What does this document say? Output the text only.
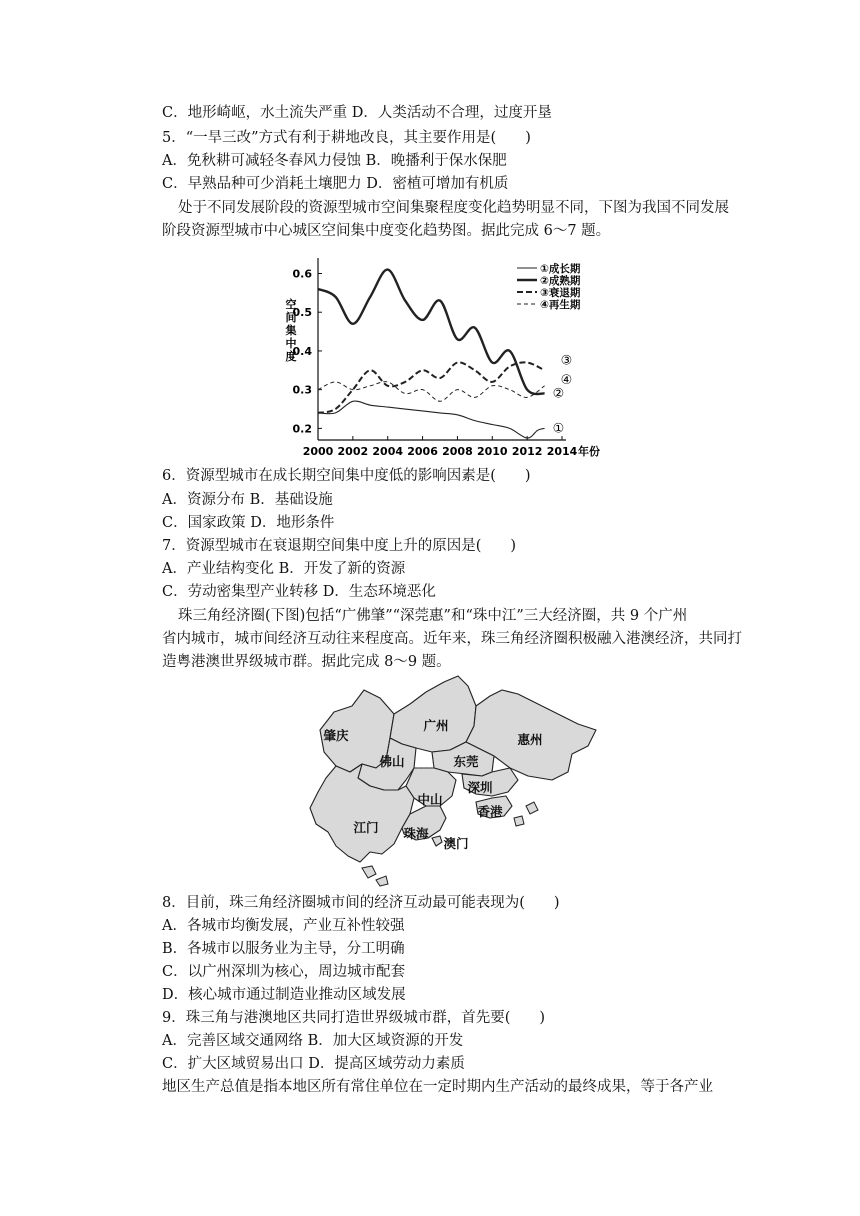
C．地形崎岖，水土流失严重 D．人类活动不合理，过度开垦
5．“一旱三改”方式有利于耕地改良，其主要作用是(　　)
A．免秋耕可减轻冬春风力侵蚀 B．晚播利于保水保肥
C．早熟品种可少消耗土壤肥力 D．密植可增加有机质
处于不同发展阶段的资源型城市空间集聚程度变化趋势明显不同，下图为我国不同发展
阶段资源型城市中心城区空间集中度变化趋势图。据此完成 6～7 题。
0.2
0.3
0.4
0.5
0.6
2000 2002 2004 2006 2008 2010 2012 2014 年份
空间集中度
①
②
③
④
①成长期
②成熟期
③衰退期
④再生期
6．资源型城市在成长期空间集中度低的影响因素是(　　)
A．资源分布 B．基础设施
C．国家政策 D．地形条件
7．资源型城市在衰退期空间集中度上升的原因是(　　)
A．产业结构变化 B．开发了新的资源
C．劳动密集型产业转移 D．生态环境恶化
珠三角经济圈(下图)包括“广佛肇”“深莞惠”和“珠中江”三大经济圈，共 9 个广州
省内城市，城市间经济互动往来程度高。近年来，珠三角经济圈积极融入港澳经济，共同打
造粤港澳世界级城市群。据此完成 8～9 题。
肇庆
广州
惠州
佛山	东莞
深圳
香港
中山
江门 珠海
澳门
8．目前，珠三角经济圈城市间的经济互动最可能表现为(　　)
A．各城市均衡发展，产业互补性较强
B．各城市以服务业为主导，分工明确
C．以广州深圳为核心，周边城市配套
D．核心城市通过制造业推动区域发展
9．珠三角与港澳地区共同打造世界级城市群，首先要(　　)
A．完善区域交通网络 B．加大区域资源的开发
C．扩大区域贸易出口 D．提高区域劳动力素质
地区生产总值是指本地区所有常住单位在一定时期内生产活动的最终成果，等于各产业
